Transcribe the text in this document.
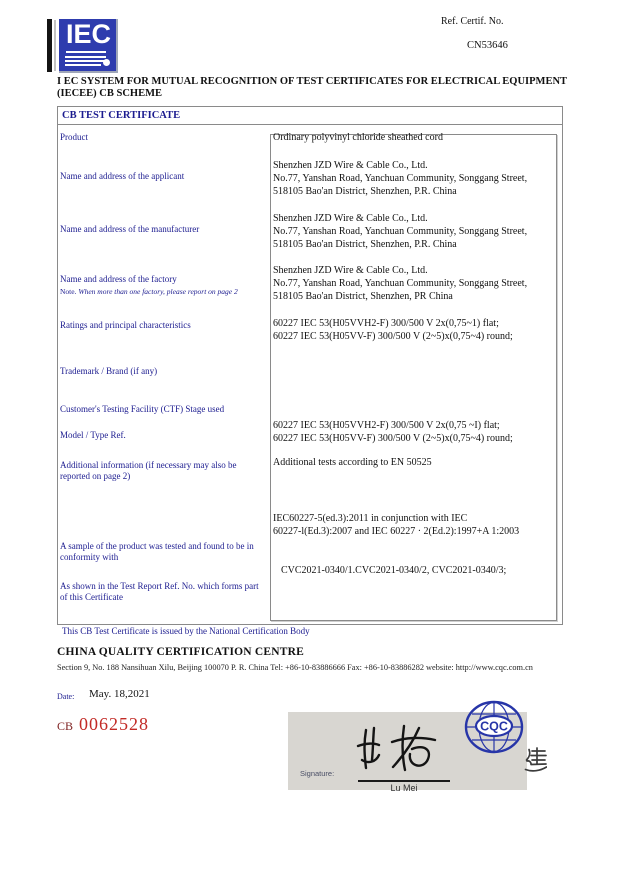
IEC	Ref. Certif. No.
CN53646
I EC SYSTEM FOR MUTUAL RECOGNITION OF TEST CERTIFICATES FOR ELECTRICAL EQUIPMENT
(IECEE) CB SCHEME
CB TEST CERTIFICATE
Product
Name and address of the applicant
Name and address of the manufacturer
Name and address of the factory
Note. When more than one factory, please report on page 2
Ratings and principal characteristics
Trademark / Brand (if any)
Customer's Testing Facility (CTF) Stage used
Model / Type Ref.
Additional information (if necessary may also be reported on page 2)
A sample of the product was tested and found to be in conformity with
As shown in the Test Report Ref. No. which forms part of this Certificate
Ordinary polyvinyl chloride sheathed cord
Shenzhen JZD Wire & Cable Co., Ltd.
No.77, Yanshan Road, Yanchuan Community, Songgang Street,
518105 Bao'an District, Shenzhen, P.R. China
Shenzhen JZD Wire & Cable Co., Ltd.
No.77, Yanshan Road, Yanchuan Community, Songgang Street,
518105 Bao'an District, Shenzhen, P.R. China
Shenzhen JZD Wire & Cable Co., Ltd.
No.77, Yanshan Road, Yanchuan Community, Songgang Street,
518105 Bao'an District, Shenzhen, PR China
60227 IEC 53(H05VVH2-F) 300/500 V 2x(0,75~1) flat;
60227 IEC 53(H05VV-F) 300/500 V (2~5)x(0,75~4) round;
60227 IEC 53(H05VVH2-F) 300/500 V 2x(0,75 ~I) flat;
60227 IEC 53(H05VV-F) 300/500 V (2~5)x(0,75~4) round;
Additional tests according to EN 50525
IEC60227-5(ed.3):2011 in conjunction with IEC
60227-l(Ed.3):2007 and IEC 60227 · 2(Ed.2):1997+A 1:2003
CVC2021-0340/1.CVC2021-0340/2, CVC2021-0340/3;
This CB Test Certificate is issued by the National Certification Body
CHINA QUALITY CERTIFICATION CENTRE
Section 9, No. 188 Nansihuan Xilu, Beijing 100070 P. R. China Tel: +86-10-83886666 Fax: +86-10-83886282 website: http://www.cqc.com.cn
Date: May. 18,2021
CB 0062528
Signature:
Lu Mei
CQC
